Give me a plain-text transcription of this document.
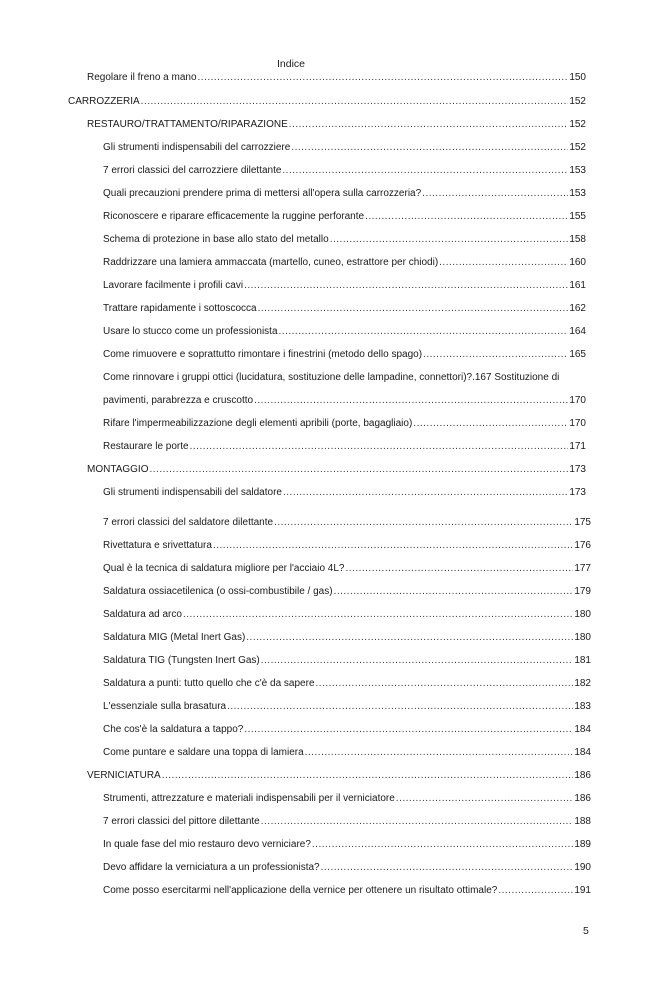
Indice
Regolare il freno a mano .....	150
CARROZZERIA .....	152
RESTAURO/TRATTAMENTO/RIPARAZIONE .....	152
Gli strumenti indispensabili del carrozziere .....	152
7 errori classici del carrozziere dilettante .....	153
Quali precauzioni prendere prima di mettersi all'opera sulla carrozzeria? .....	153
Riconoscere e riparare efficacemente la ruggine perforante .....	155
Schema di protezione in base allo stato del metallo .....	158
Raddrizzare una lamiera ammaccata (martello, cuneo, estrattore per chiodi) .....	160
Lavorare facilmente i profili cavi .....	161
Trattare rapidamente i sottoscocca .....	162
Usare lo stucco come un professionista .....	164
Come rimuovere e soprattutto rimontare i finestrini (metodo dello spago) .....	165
Come rinnovare i gruppi ottici (lucidatura, sostituzione delle lampadine, connettori)?.167 Sostituzione di
pavimenti, parabrezza e cruscotto .....	170
Rifare l'impermeabilizzazione degli elementi apribili (porte, bagagliaio) .....	170
Restaurare le porte .....	171
MONTAGGIO .....	173
Gli strumenti indispensabili del saldatore .....	173
7 errori classici del saldatore dilettante .....	175
Rivettatura e srivettatura .....	176
Qual è la tecnica di saldatura migliore per l'acciaio 4L? .....	177
Saldatura ossiacetilenica (o ossi-combustibile / gas) .....	179
Saldatura ad arco .....	180
Saldatura MIG (Metal Inert Gas) .....	180
Saldatura TIG (Tungsten Inert Gas) .....	181
Saldatura a punti: tutto quello che c'è da sapere .....	182
L'essenziale sulla brasatura .....	183
Che cos'è la saldatura a tappo? .....	184
Come puntare e saldare una toppa di lamiera .....	184
VERNICIATURA .....	186
Strumenti, attrezzature e materiali indispensabili per il verniciatore .....	186
7 errori classici del pittore dilettante .....	188
In quale fase del mio restauro devo verniciare? .....	189
Devo affidare la verniciatura a un professionista? .....	190
Come posso esercitarmi nell'applicazione della vernice per ottenere un risultato ottimale? .....	191
5
